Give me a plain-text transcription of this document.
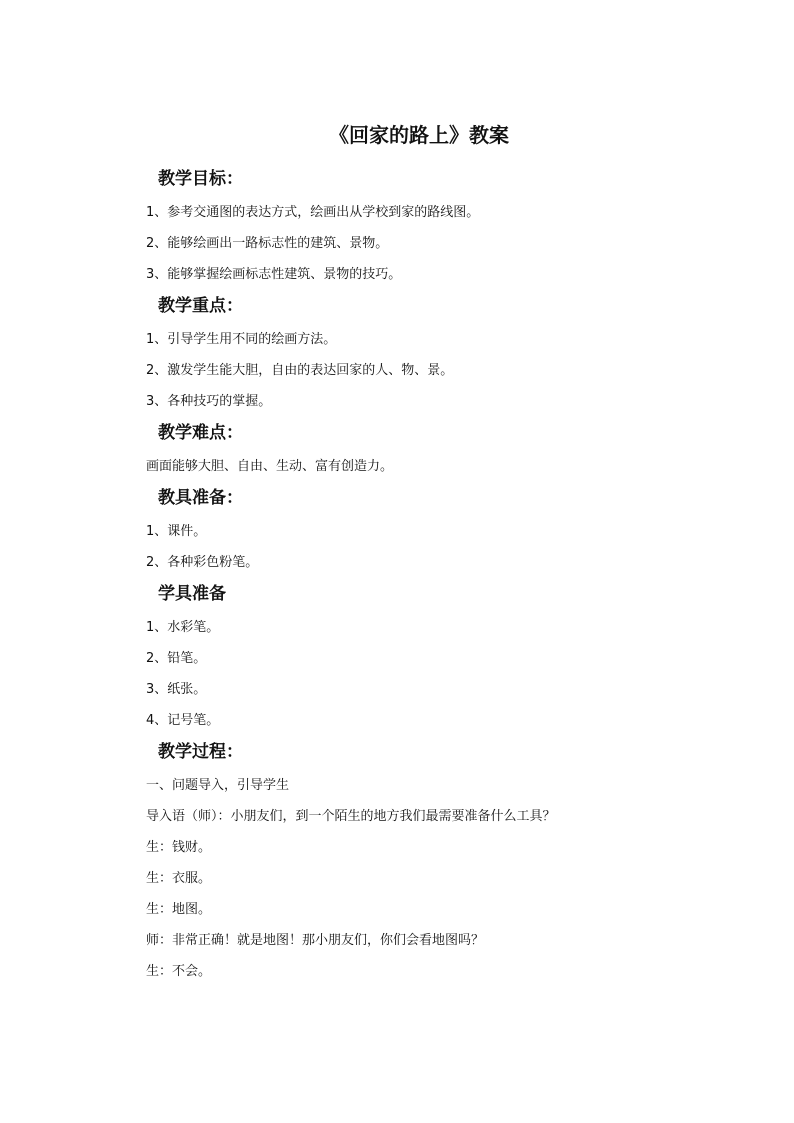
《回家的路上》教案

教学目标：

1、参考交通图的表达方式，绘画出从学校到家的路线图。

2、能够绘画出一路标志性的建筑、景物。

3、能够掌握绘画标志性建筑、景物的技巧。

教学重点：

1、引导学生用不同的绘画方法。

2、激发学生能大胆，自由的表达回家的人、物、景。

3、各种技巧的掌握。

教学难点：

画面能够大胆、自由、生动、富有创造力。

教具准备：

1、课件。

2、各种彩色粉笔。

学具准备

1、水彩笔。

2、铅笔。

3、纸张。

4、记号笔。

教学过程：

一、问题导入，引导学生

导入语（师）：小朋友们，到一个陌生的地方我们最需要准备什么工具？

生：钱财。

生：衣服。

生：地图。

师：非常正确！就是地图！那小朋友们，你们会看地图吗？

生：不会。
